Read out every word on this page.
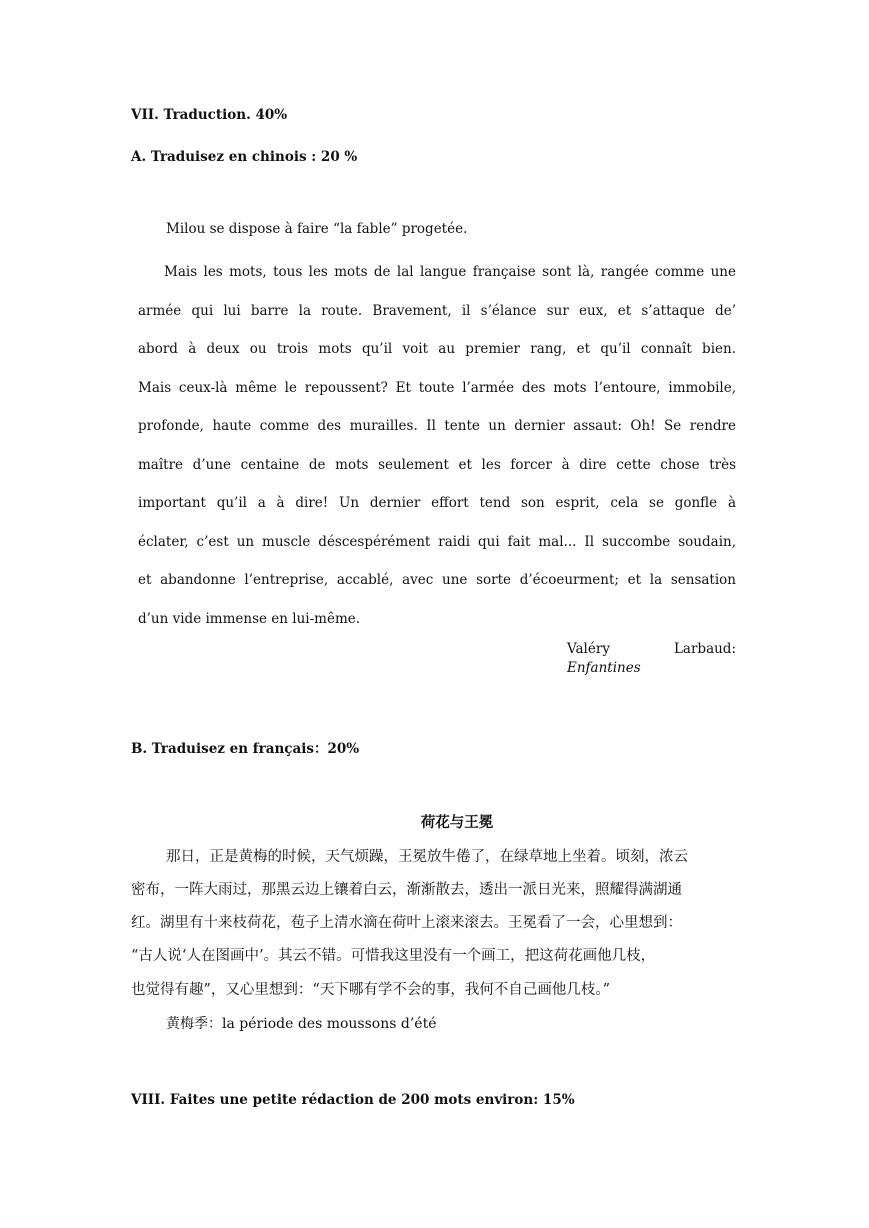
VII. Traduction. 40%
A. Traduisez en chinois : 20 %
Milou se dispose à faire “la fable” progetée.
Mais les mots, tous les mots de lal langue française sont là, rangée comme une
armée qui lui barre la route. Bravement, il s’élance sur eux, et s’attaque de’
abord à deux ou trois mots qu’il voit au premier rang, et qu’il connaît bien.
Mais ceux-là même le repoussent? Et toute l’armée des mots l’entoure, immobile,
profonde, haute comme des murailles. Il tente un dernier assaut: Oh! Se rendre
maître d’une centaine de mots seulement et les forcer à dire cette chose très
important qu’il a à dire! Un dernier effort tend son esprit, cela se gonfle à
éclater, c’est un muscle déscespérément raidi qui fait mal... Il succombe soudain,
et abandonne l’entreprise, accablé, avec une sorte d’écoeurment; et la sensation
d’un vide immense en lui-même.
Valéry Larbaud:
Enfantines
B. Traduisez en français：20%
荷花与王冕
那日，正是黄梅的时候，天气烦躁，王冕放牛倦了，在绿草地上坐着。顷刻，浓云
密布，一阵大雨过，那黑云边上镶着白云，渐渐散去，透出一派日光来，照耀得满湖通
红。湖里有十来枝荷花，苞子上清水滴在荷叶上滚来滚去。王冕看了一会，心里想到：
“古人说‘人在图画中’。其云不错。可惜我这里没有一个画工，把这荷花画他几枝，
也觉得有趣”，又心里想到：“天下哪有学不会的事，我何不自己画他几枝。”
黄梅季：la période des moussons d’été
VIII. Faites une petite rédaction de 200 mots environ: 15%
